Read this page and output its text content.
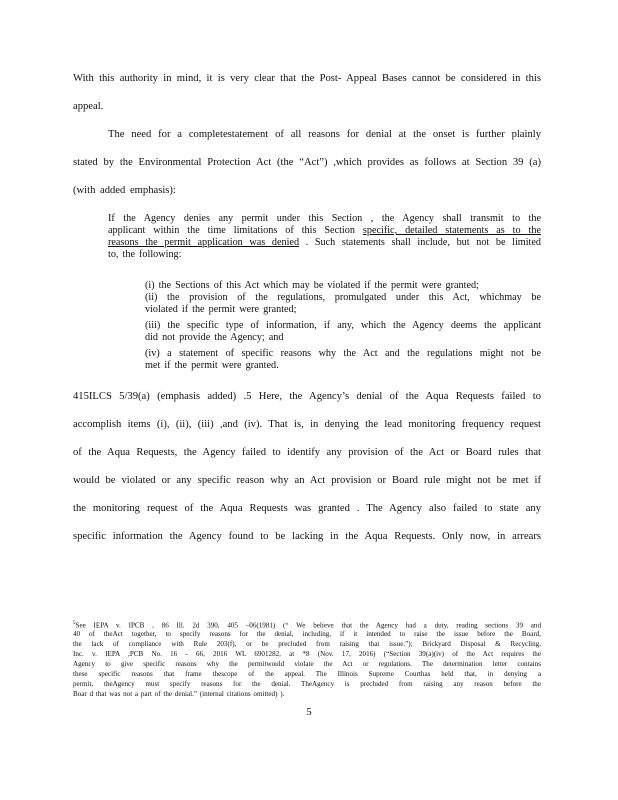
With this authority in mind, it is very clear that the Post- Appeal Bases cannot be considered in this
appeal.
The need for a completestatement of all reasons for denial at the onset is further plainly
stated by the Environmental Protection Act (the “Act”) ,which provides as follows at Section 39 (a)
(with added emphasis):
If the Agency denies any permit under this Section , the Agency shall transmit to the
applicant within the time limitations of this Section specific, detailed statements as to the
reasons the permit application was denied . Such statements shall include, but not be limited
to, the following:
(i) the Sections of this Act which may be violated if the permit were granted;
(ii) the provision of the regulations, promulgated under this Act, whichmay be
violated if the permit were granted;
(iii) the specific type of information, if any, which the Agency deems the applicant
did not provide the Agency; and
(iv) a statement of specific reasons why the Act and the regulations might not be
met if the permit were granted.
415ILCS 5/39(a) (emphasis added) .5 Here, the Agency’s denial of the Aqua Requests failed to
accomplish items (i), (ii), (iii) ,and (iv). That is, in denying the lead monitoring frequency request
of the Aqua Requests, the Agency failed to identify any provision of the Act or Board rules that
would be violated or any specific reason why an Act provision or Board rule might not be met if
the monitoring request of the Aqua Requests was granted . The Agency also failed to state any
specific information the Agency found to be lacking in the Aqua Requests. Only now, in arrears
$^5$See IEPA v. IPCB , 86 Ill. 2d 390, 405 –06(1981) (“ We believe that the Agency had a duty, reading sections 39 and
40 of theAct together, to specify reasons for the denial, including, if it intended to raise the issue before the Board,
the lack of compliance with Rule 203(f), or be precluded from raising that issue.”); Brickyard Disposal & Recycling,
Inc. v. IEPA ,PCB No. 16 - 66, 2016 WL 6901282, at *8 (Nov. 17, 2016) (“Section 39(a)(iv) of the Act requires the
Agency to give specific reasons why the permitwould violate the Act or regulations. The determination letter contains
these specific reasons that frame thescope of the appeal. The Illinois Supreme Courthas held that, in denying a
permit, theAgency must specify reasons for the denial. TheAgency is precluded from raising any reason before the
Boar d that was not a part of the denial.” (internal citations omitted) ).
5
